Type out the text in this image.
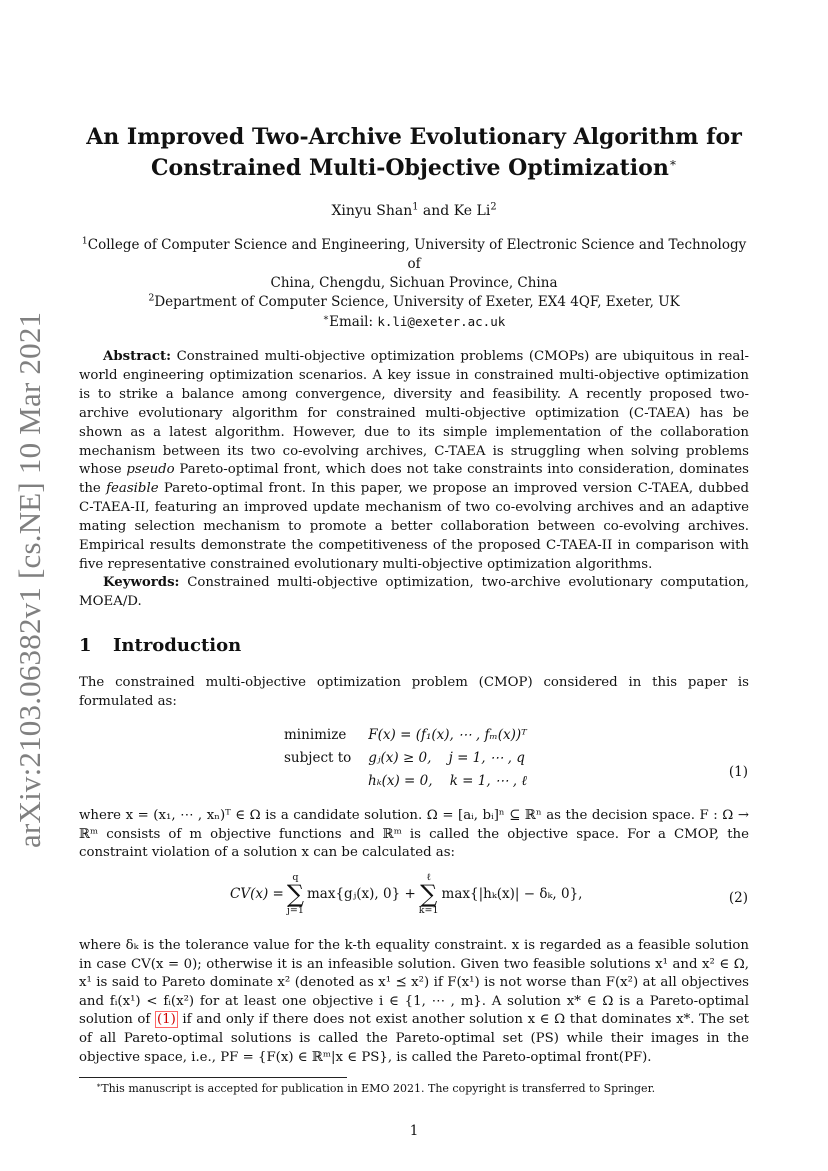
arXiv:2103.06382v1 [cs.NE] 10 Mar 2021
An Improved Two-Archive Evolutionary Algorithm for
Constrained Multi-Objective Optimization∗
Xinyu Shan$^1$ and Ke Li$^2$
$^1$College of Computer Science and Engineering, University of Electronic Science and Technology of
China, Chengdu, Sichuan Province, China
$^2$Department of Computer Science, University of Exeter, EX4 4QF, Exeter, UK
∗Email: k.li@exeter.ac.uk

Abstract: Constrained multi-objective optimization problems (CMOPs) are ubiquitous in real-world engineering optimization scenarios. A key issue in constrained multi-objective optimization is to strike a balance among convergence, diversity and feasibility. A recently proposed two-archive evolutionary algorithm for constrained multi-objective optimization (C-TAEA) has be shown as a latest algorithm. However, due to its simple implementation of the collaboration mechanism between its two co-evolving archives, C-TAEA is struggling when solving problems whose pseudo Pareto-optimal front, which does not take constraints into consideration, dominates the feasible Pareto-optimal front. In this paper, we propose an improved version C-TAEA, dubbed C-TAEA-II, featuring an improved update mechanism of two co-evolving archives and an adaptive mating selection mechanism to promote a better collaboration between co-evolving archives. Empirical results demonstrate the competitiveness of the proposed C-TAEA-II in comparison with five representative constrained evolutionary multi-objective optimization algorithms.

Keywords: Constrained multi-objective optimization, two-archive evolutionary computation, MOEA/D.

1 Introduction

The constrained multi-objective optimization problem (CMOP) considered in this paper is formulated as:

minimize F(x) = (f₁(x), ⋯ , fₘ(x))ᵀ
subject to gⱼ(x) ≥ 0,    j = 1, ⋯ , q
hₖ(x) = 0,    k = 1, ⋯ , ℓ
(1)

where x = (x₁, ⋯ , xₙ)ᵀ ∈ Ω is a candidate solution. Ω = [aᵢ, bᵢ]ⁿ ⊆ ℝⁿ as the decision space. F : Ω → ℝᵐ consists of m objective functions and ℝᵐ is called the objective space. For a CMOP, the constraint violation of a solution x can be calculated as:

CV(x) =
q
∑
j=1
max{gⱼ(x), 0} +
ℓ
∑
k=1
max{|hₖ(x)| − δₖ, 0},	(2)

where δₖ is the tolerance value for the k-th equality constraint. x is regarded as a feasible solution in case CV(x = 0); otherwise it is an infeasible solution. Given two feasible solutions x¹ and x² ∈ Ω, x¹ is said to Pareto dominate x² (denoted as x¹ ⪯ x²) if F(x¹) is not worse than F(x²) at all objectives and fᵢ(x¹) < fᵢ(x²) for at least one objective i ∈ {1, ⋯ , m}. A solution x* ∈ Ω is a Pareto-optimal solution of (1) if and only if there does not exist another solution x ∈ Ω that dominates x*. The set of all Pareto-optimal solutions is called the Pareto-optimal set (PS) while their images in the objective space, i.e., PF = {F(x) ∈ ℝᵐ|x ∈ PS}, is called the Pareto-optimal front(PF).

∗This manuscript is accepted for publication in EMO 2021. The copyright is transferred to Springer.
1
